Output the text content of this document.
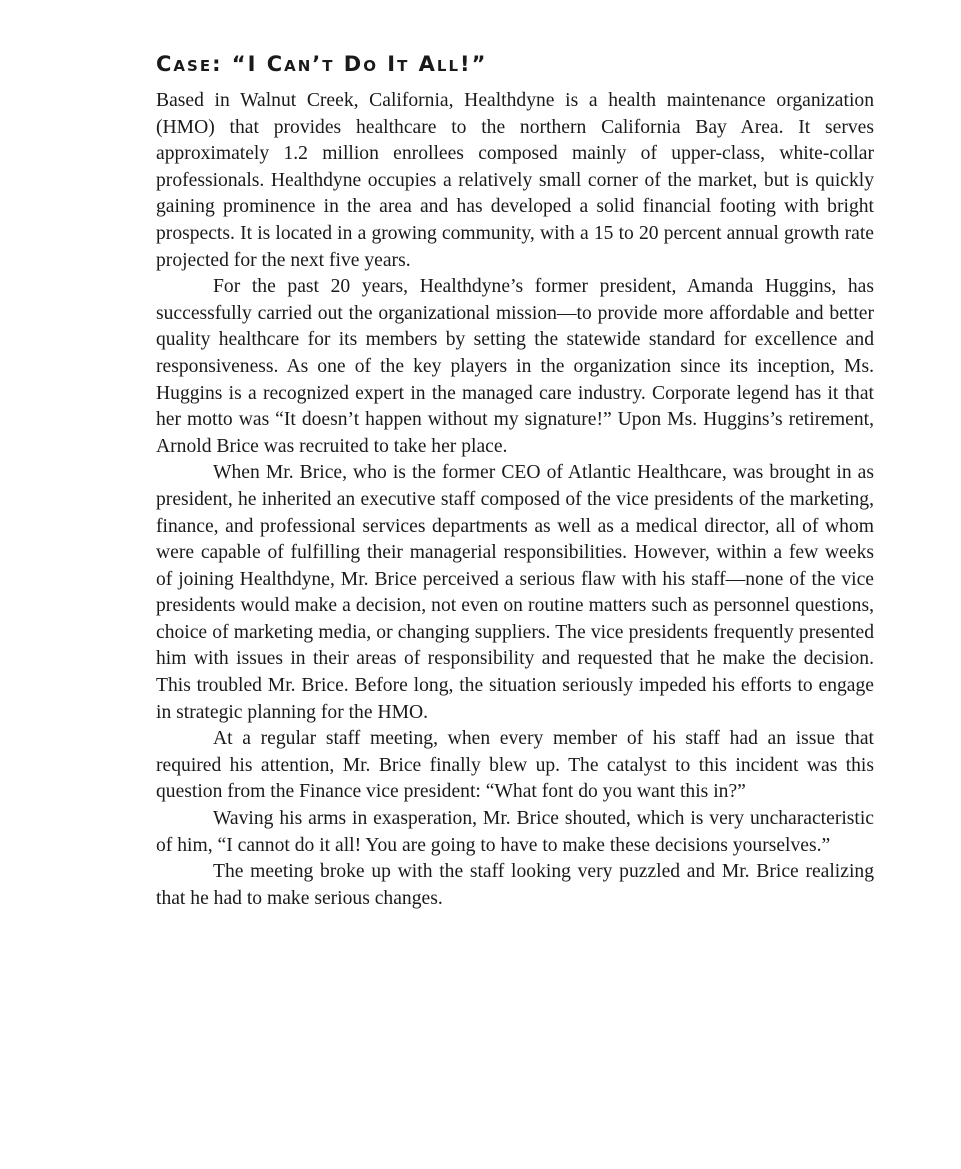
Case: “I Can’t Do It All!”

Based in Walnut Creek, California, Healthdyne is a health maintenance organization (HMO) that provides healthcare to the northern California Bay Area. It serves approximately 1.2 million enrollees composed mainly of upper-class, white-collar professionals. Healthdyne occupies a relatively small corner of the market, but is quickly gaining prominence in the area and has developed a solid financial footing with bright prospects. It is located in a growing community, with a 15 to 20 percent annual growth rate projected for the next five years.

For the past 20 years, Healthdyne’s former president, Amanda Huggins, has successfully carried out the organizational mission—to provide more affordable and better quality healthcare for its members by setting the statewide standard for excellence and responsiveness. As one of the key players in the organization since its inception, Ms. Huggins is a recognized expert in the managed care industry. Corporate legend has it that her motto was “It doesn’t happen without my signature!” Upon Ms. Huggins’s retirement, Arnold Brice was recruited to take her place.

When Mr. Brice, who is the former CEO of Atlantic Healthcare, was brought in as president, he inherited an executive staff composed of the vice presidents of the marketing, finance, and professional services departments as well as a medical director, all of whom were capable of fulfilling their managerial responsibilities. However, within a few weeks of joining Healthdyne, Mr. Brice perceived a serious flaw with his staff—none of the vice presidents would make a decision, not even on routine matters such as personnel questions, choice of marketing media, or changing suppliers. The vice presidents frequently presented him with issues in their areas of responsibility and requested that he make the decision. This troubled Mr. Brice. Before long, the situation seriously impeded his efforts to engage in strategic planning for the HMO.

At a regular staff meeting, when every member of his staff had an issue that required his attention, Mr. Brice finally blew up. The catalyst to this incident was this question from the Finance vice president: “What font do you want this in?”

Waving his arms in exasperation, Mr. Brice shouted, which is very uncharacteristic of him, “I cannot do it all! You are going to have to make these decisions yourselves.”

The meeting broke up with the staff looking very puzzled and Mr. Brice realizing that he had to make serious changes.
